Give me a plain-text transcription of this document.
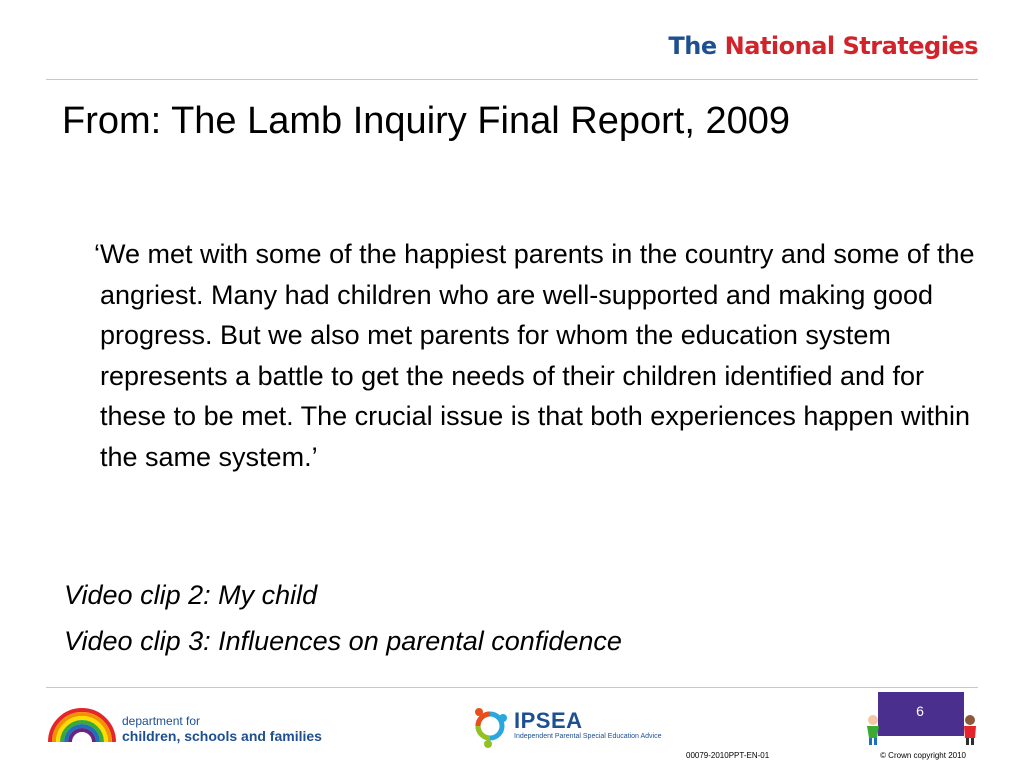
The National Strategies
From: The Lamb Inquiry Final Report, 2009
‘We met with some of the happiest parents in the country and some of the angriest. Many had children who are well-supported and making good progress. But we also met parents for whom the education system represents a battle to get the needs of their children identified and for these to be met. The crucial issue is that both experiences happen within the same system.’
Video clip 2: My child
Video clip 3: Influences on parental confidence
department for
children, schools and families
IPSEA
Independent Parental Special Education Advice
6
00079-2010PPT-EN-01	© Crown copyright 2010
